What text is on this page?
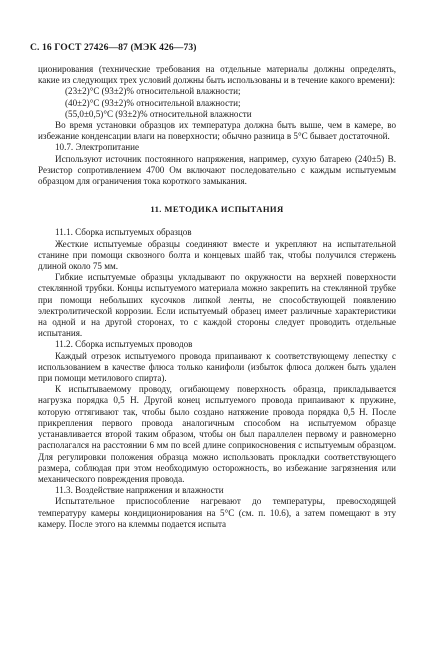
С. 16 ГОСТ 27426—87 (МЭК 426—73)

ционирования (технические требования на отдельные материалы должны определять, какие из следующих трех условий должны быть использованы и в течение какого времени):

(23±2)°С (93±2)% относительной влажности;

(40±2)°С (93±2)% относительной влажности;

(55,0±0,5)°С (93±2)% относительной влажности

Во время установки образцов их температура должна быть выше, чем в камере, во избежание конденсации влаги на поверхности; обычно разница в 5°С бывает достаточной.

10.7. Электропитание

Используют источник постоянного напряжения, например, сухую батарею (240±5) В. Резистор сопротивлением 4700 Ом включают последовательно с каждым испытуемым образцом для ограничения тока короткого замыкания.

11. МЕТОДИКА ИСПЫТАНИЯ

11.1. Сборка испытуемых образцов

Жесткие испытуемые образцы соединяют вместе и укрепляют на испытательной станине при помощи сквозного болта и концевых шайб так, чтобы получился стержень длиной около 75 мм.

Гибкие испытуемые образцы укладывают по окружности на верхней поверхности стеклянной трубки. Концы испытуемого материала можно закрепить на стеклянной трубке при помощи небольших кусочков липкой ленты, не способствующей появлению электролитической коррозии. Если испытуемый образец имеет различные характеристики на одной и на другой сторонах, то с каждой стороны следует проводить отдельные испытания.

11.2. Сборка испытуемых проводов

Каждый отрезок испытуемого провода припаивают к соответствующему лепестку с использованием в качестве флюса только канифоли (избыток флюса должен быть удален при помощи метилового спирта).

К испытываемому проводу, огибающему поверхность образца, прикладывается нагрузка порядка 0,5 Н. Другой конец испытуемого провода припаивают к пружине, которую оттягивают так, чтобы было создано натяжение провода порядка 0,5 Н. После прикрепления первого провода аналогичным способом на испытуемом образце устанавливается второй таким образом, чтобы он был параллелен первому и равномерно располагался на расстоянии 6 мм по всей длине соприкосновения с испытуемым образцом. Для регулировки положения образца можно использовать прокладки соответствующего размера, соблюдая при этом необходимую осторожность, во избежание загрязнения или механического повреждения провода.

11.3. Воздействие напряжения и влажности

Испытательное приспособление нагревают до температуры, превосходящей температуру камеры кондиционирования на 5°С (см. п. 10.6), а затем помещают в эту камеру. После этого на клеммы подается испыта
